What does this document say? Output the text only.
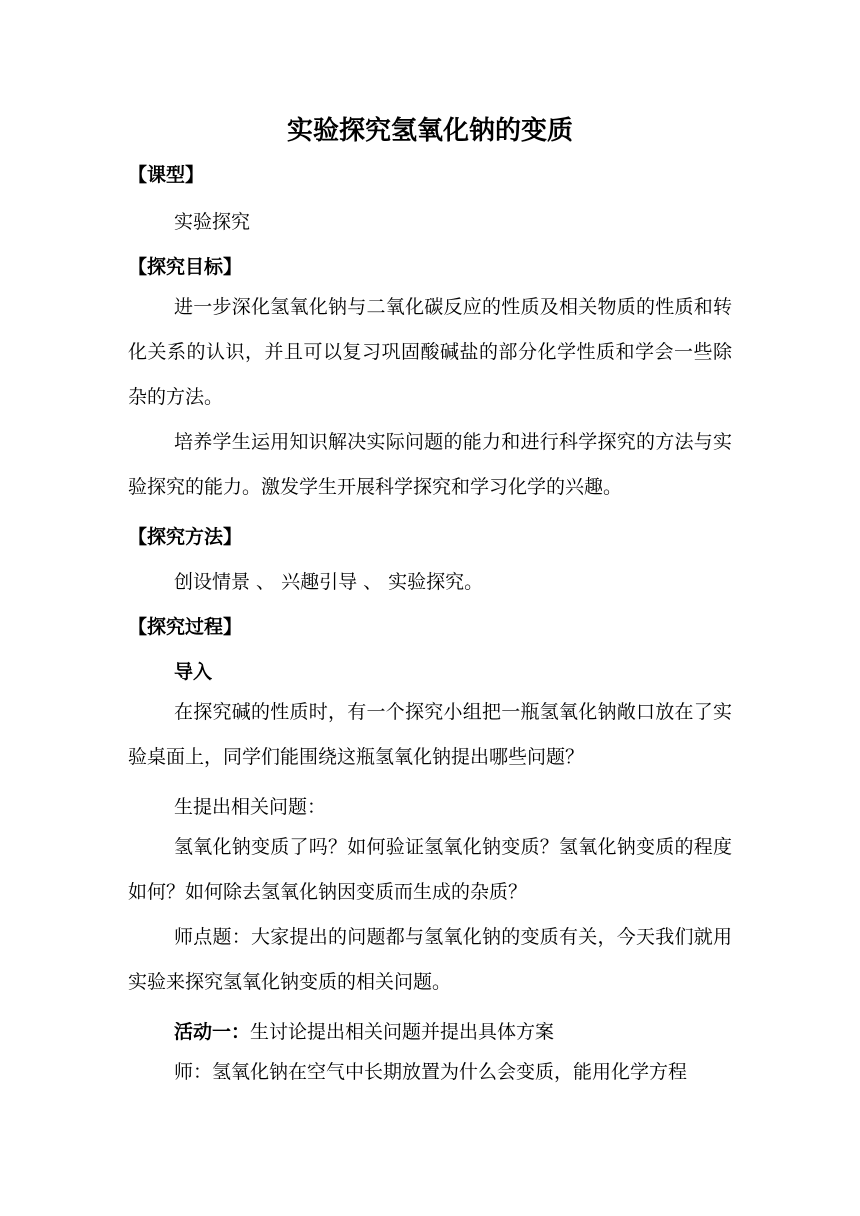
实验探究氢氧化钠的变质
【课型】
实验探究
【探究目标】

进一步深化氢氧化钠与二氧化碳反应的性质及相关物质的性质和转化关系的认识，并且可以复习巩固酸碱盐的部分化学性质和学会一些除杂的方法。

培养学生运用知识解决实际问题的能力和进行科学探究的方法与实验探究的能力。激发学生开展科学探究和学习化学的兴趣。

【探究方法】
创设情景 、 兴趣引导 、 实验探究。
【探究过程】
导入

在探究碱的性质时，有一个探究小组把一瓶氢氧化钠敞口放在了实验桌面上，同学们能围绕这瓶氢氧化钠提出哪些问题？

生提出相关问题：

氢氧化钠变质了吗？如何验证氢氧化钠变质？氢氧化钠变质的程度如何？如何除去氢氧化钠因变质而生成的杂质？

师点题：大家提出的问题都与氢氧化钠的变质有关，今天我们就用实验来探究氢氧化钠变质的相关问题。

活动一：生讨论提出相关问题并提出具体方案

师：氢氧化钠在空气中长期放置为什么会变质，能用化学方程
